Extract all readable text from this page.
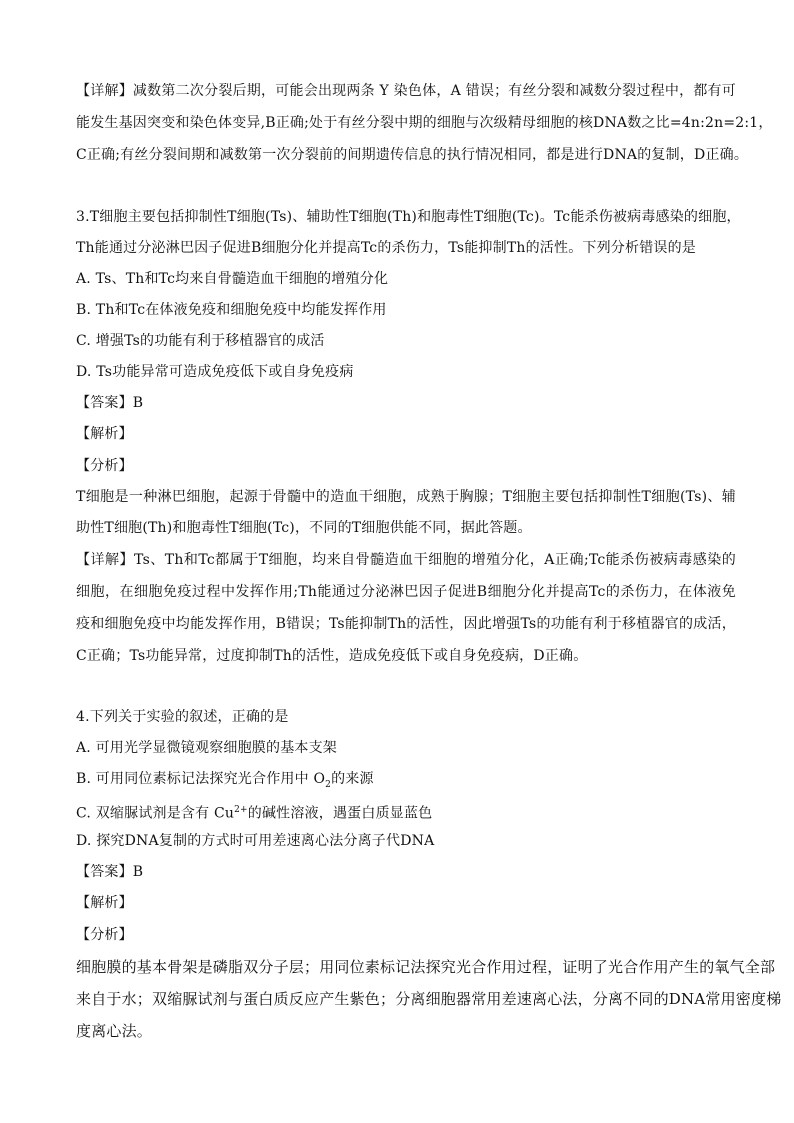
【详解】减数第二次分裂后期，可能会出现两条 Y 染色体，A 错误；有丝分裂和减数分裂过程中，都有可
能发生基因突变和染色体变异,B正确;处于有丝分裂中期的细胞与次级精母细胞的核DNA数之比=4n:2n=2:1，
C正确;有丝分裂间期和减数第一次分裂前的间期遗传信息的执行情况相同，都是进行DNA的复制，D正确。
3.T细胞主要包括抑制性T细胞(Ts)、辅助性T细胞(Th)和胞毒性T细胞(Tc)。Tc能杀伤被病毒感染的细胞，
Th能通过分泌淋巴因子促进B细胞分化并提高Tc的杀伤力，Ts能抑制Th的活性。下列分析错误的是
A. Ts、Th和Tc均来自骨髓造血干细胞的增殖分化
B. Th和Tc在体液免疫和细胞免疫中均能发挥作用
C. 增强Ts的功能有利于移植器官的成活
D. Ts功能异常可造成免疫低下或自身免疫病
【答案】B
【解析】
【分析】
T细胞是一种淋巴细胞，起源于骨髓中的造血干细胞，成熟于胸腺；T细胞主要包括抑制性T细胞(Ts)、辅
助性T细胞(Th)和胞毒性T细胞(Tc)，不同的T细胞供能不同，据此答题。
【详解】Ts、Th和Tc都属于T细胞，均来自骨髓造血干细胞的增殖分化，A正确;Tc能杀伤被病毒感染的
细胞，在细胞免疫过程中发挥作用;Th能通过分泌淋巴因子促进B细胞分化并提高Tc的杀伤力，在体液免
疫和细胞免疫中均能发挥作用，B错误；Ts能抑制Th的活性，因此增强Ts的功能有利于移植器官的成活，
C正确；Ts功能异常，过度抑制Th的活性，造成免疫低下或自身免疫病，D正确。
4.下列关于实验的叙述，正确的是
A. 可用光学显微镜观察细胞膜的基本支架
B. 可用同位素标记法探究光合作用中 $O_2$的来源
C. 双缩脲试剂是含有 $Cu^{2+}$的碱性溶液，遇蛋白质显蓝色
D. 探究DNA复制的方式时可用差速离心法分离子代DNA
【答案】B
【解析】
【分析】
细胞膜的基本骨架是磷脂双分子层；用同位素标记法探究光合作用过程，证明了光合作用产生的氧气全部
来自于水；双缩脲试剂与蛋白质反应产生紫色；分离细胞器常用差速离心法，分离不同的DNA常用密度梯
度离心法。
